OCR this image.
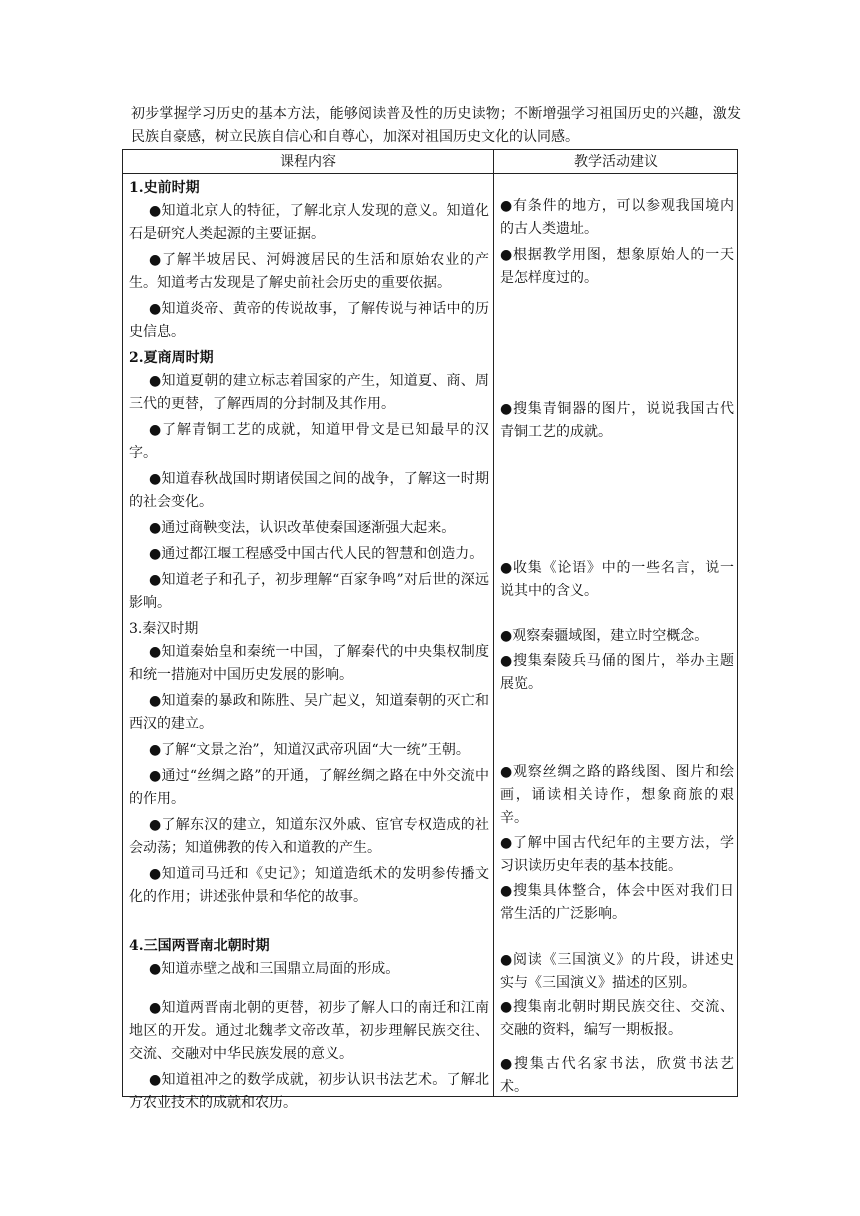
初步掌握学习历史的基本方法，能够阅读普及性的历史读物；不断增强学习祖国历史的兴趣，激发民族自豪感，树立民族自信心和自尊心，加深对祖国历史文化的认同感。
课程内容	教学活动建议

1.史前时期

●知道北京人的特征，了解北京人发现的意义。知道化石是研究人类起源的主要证据。

●了解半坡居民、河姆渡居民的生活和原始农业的产生。知道考古发现是了解史前社会历史的重要依据。

●知道炎帝、黄帝的传说故事，了解传说与神话中的历史信息。

2.夏商周时期

●知道夏朝的建立标志着国家的产生，知道夏、商、周三代的更替，了解西周的分封制及其作用。

●了解青铜工艺的成就，知道甲骨文是已知最早的汉字。

●知道春秋战国时期诸侯国之间的战争，了解这一时期的社会变化。

●通过商鞅变法，认识改革使秦国逐渐强大起来。

●通过都江堰工程感受中国古代人民的智慧和创造力。

●知道老子和孔子，初步理解“百家争鸣”对后世的深远影响。

3.秦汉时期

●知道秦始皇和秦统一中国，了解秦代的中央集权制度和统一措施对中国历史发展的影响。

●知道秦的暴政和陈胜、吴广起义，知道秦朝的灭亡和西汉的建立。

●了解“文景之治”，知道汉武帝巩固“大一统”王朝。

●通过“丝绸之路”的开通，了解丝绸之路在中外交流中的作用。

●了解东汉的建立，知道东汉外戚、宦官专权造成的社会动荡；知道佛教的传入和道教的产生。

●知道司马迁和《史记》；知道造纸术的发明参传播文化的作用；讲述张仲景和华佗的故事。

4.三国两晋南北朝时期

●知道赤壁之战和三国鼎立局面的形成。

●知道两晋南北朝的更替，初步了解人口的南迁和江南地区的开发。通过北魏孝文帝改革，初步理解民族交往、交流、交融对中华民族发展的意义。

●知道祖冲之的数学成就，初步认识书法艺术。了解北方农业技术的成就和农历。

●有条件的地方，可以参观我国境内的古人类遗址。

●根据教学用图，想象原始人的一天是怎样度过的。

●搜集青铜器的图片，说说我国古代青铜工艺的成就。

●收集《论语》中的一些名言，说一说其中的含义。

●观察秦疆域图，建立时空概念。

●搜集秦陵兵马俑的图片，举办主题展览。

●观察丝绸之路的路线图、图片和绘画，诵读相关诗作，想象商旅的艰辛。

●了解中国古代纪年的主要方法，学习识读历史年表的基本技能。

●搜集具体整合，体会中医对我们日常生活的广泛影响。

●阅读《三国演义》的片段，讲述史实与《三国演义》描述的区别。

●搜集南北朝时期民族交往、交流、交融的资料，编写一期板报。

●搜集古代名家书法，欣赏书法艺术。
